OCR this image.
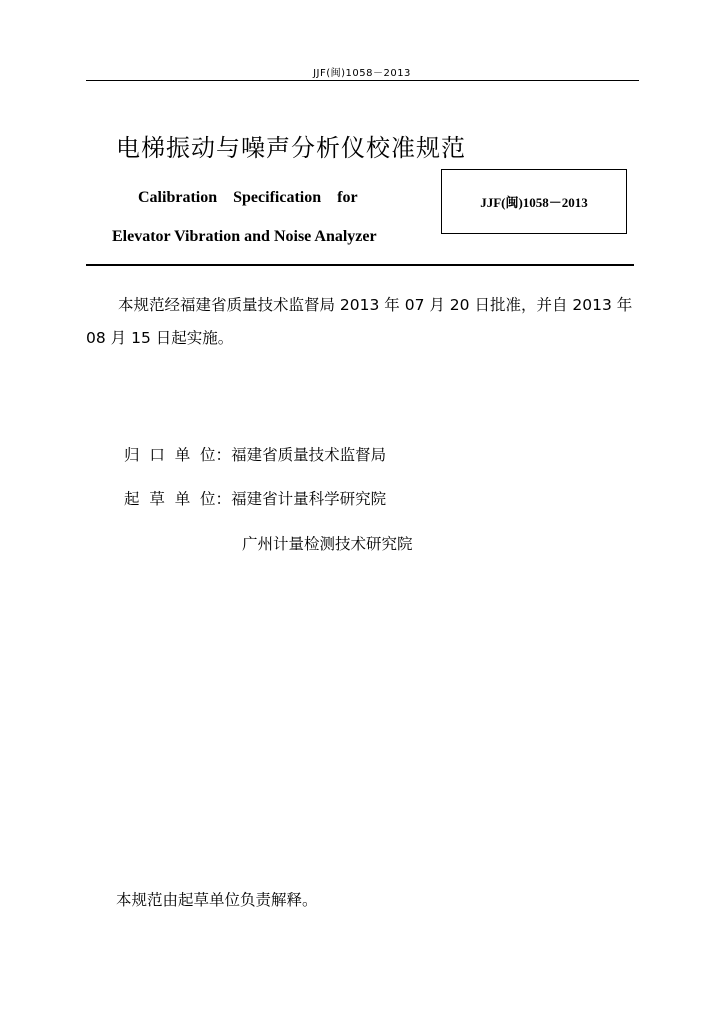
JJF(闽)1058－2013
电梯振动与噪声分析仪校准规范
Calibration Specification for
Elevator Vibration and Noise Analyzer
JJF(闽)1058－2013
本规范经福建省质量技术监督局 2013 年 07 月 20 日批准，并自 2013 年 08 月 15 日起实施。
归  口  单  位：福建省质量技术监督局
起  草  单  位：福建省计量科学研究院
广州计量检测技术研究院
本规范由起草单位负责解释。
